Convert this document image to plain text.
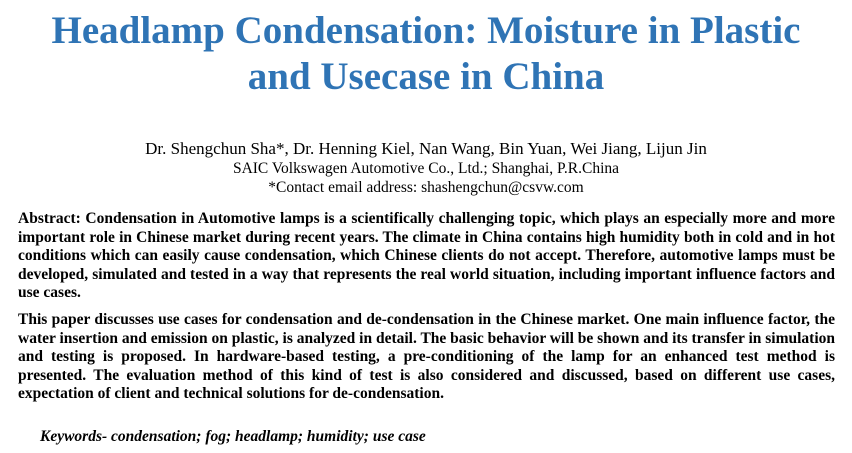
Headlamp Condensation: Moisture in Plastic
and Usecase in China
Dr. Shengchun Sha*, Dr. Henning Kiel, Nan Wang, Bin Yuan, Wei Jiang, Lijun Jin
SAIC Volkswagen Automotive Co., Ltd.; Shanghai, P.R.China
*Contact email address: shashengchun@csvw.com

Abstract: Condensation in Automotive lamps is a scientifically challenging topic, which plays an especially more and more important role in Chinese market during recent years. The climate in China contains high humidity both in cold and in hot conditions which can easily cause condensation, which Chinese clients do not accept. Therefore, automotive lamps must be developed, simulated and tested in a way that represents the real world situation, including important influence factors and use cases.

This paper discusses use cases for condensation and de-condensation in the Chinese market. One main influence factor, the water insertion and emission on plastic, is analyzed in detail. The basic behavior will be shown and its transfer in simulation and testing is proposed. In hardware-based testing, a pre-conditioning of the lamp for an enhanced test method is presented. The evaluation method of this kind of test is also considered and discussed, based on different use cases, expectation of client and technical solutions for de-condensation.

Keywords- condensation; fog; headlamp; humidity; use case
